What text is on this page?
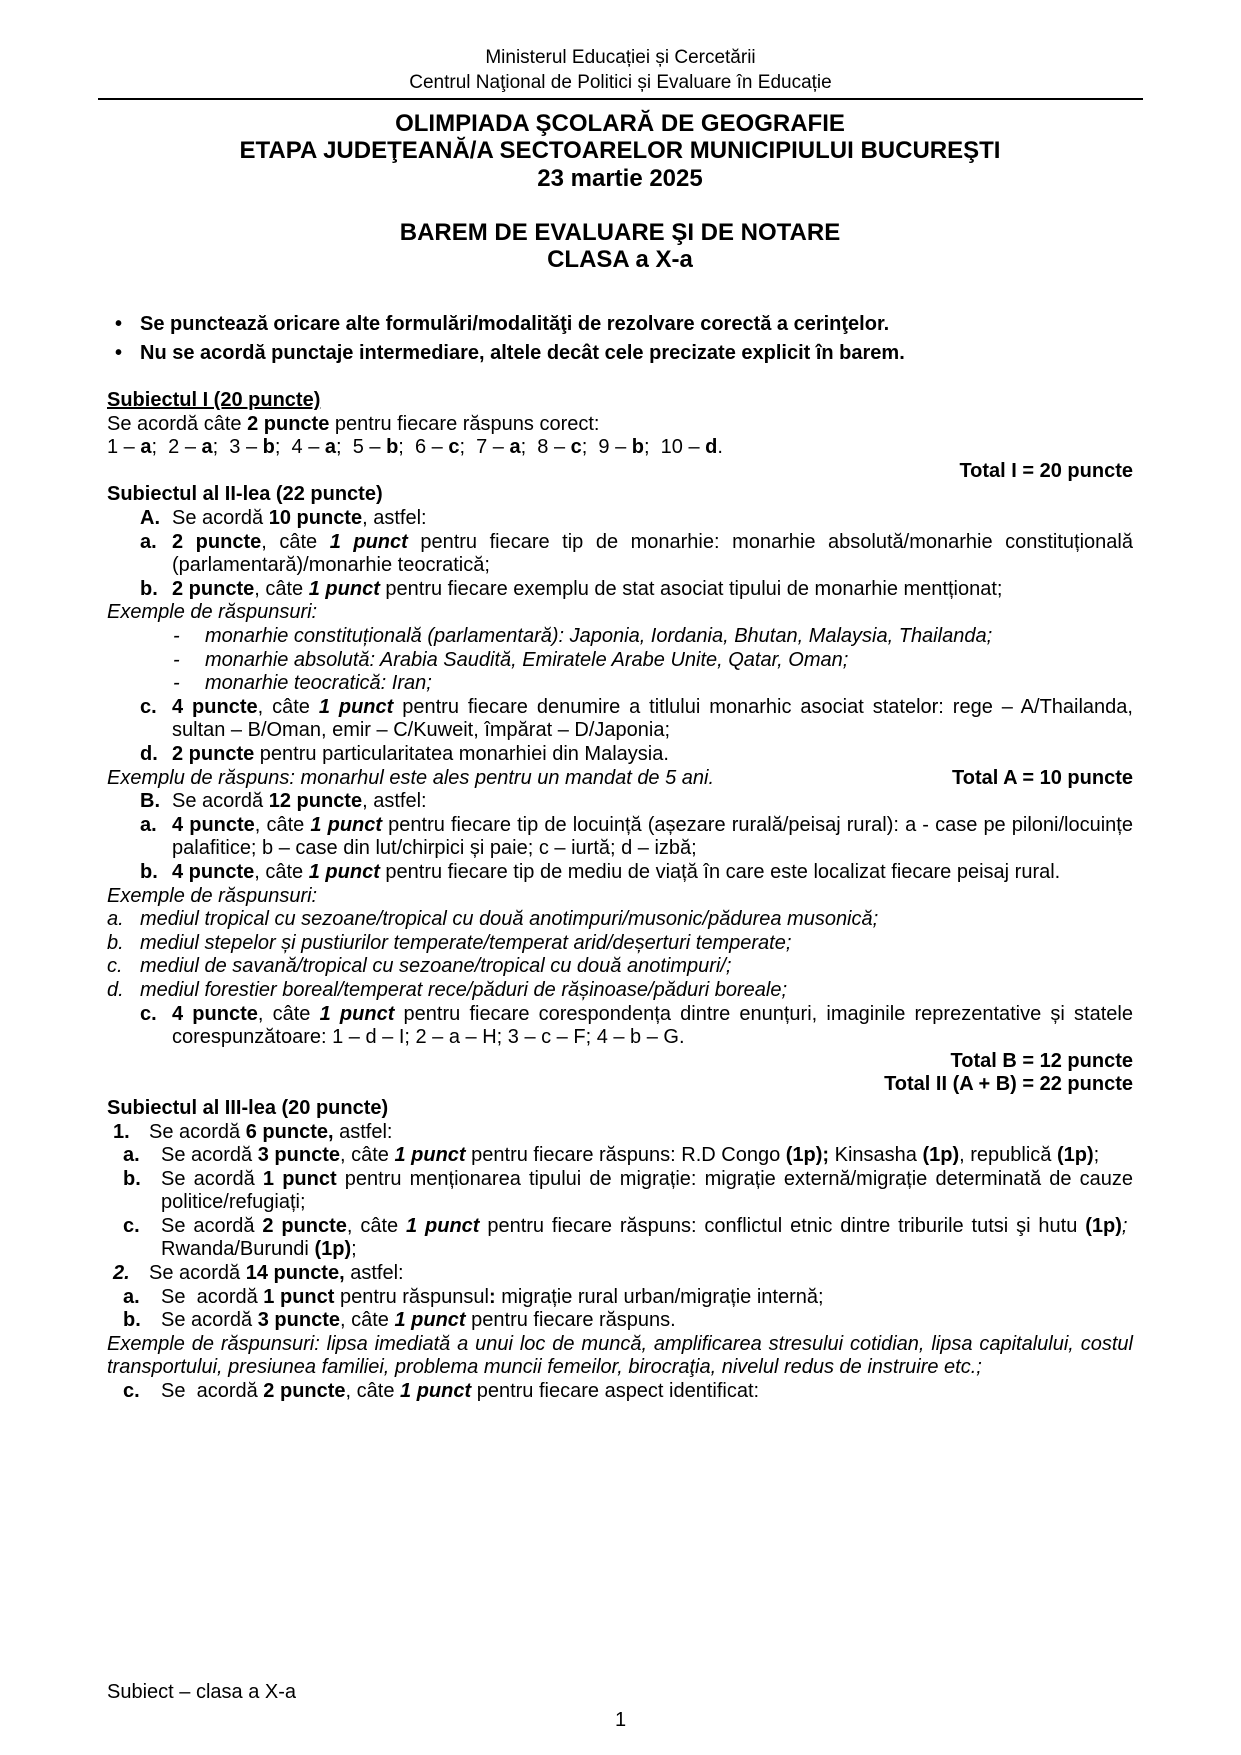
Ministerul Educației și Cercetării
Centrul Naţional de Politici și Evaluare în Educație
OLIMPIADA ŞCOLARĂ DE GEOGRAFIE
ETAPA JUDEŢEANĂ/A SECTOARELOR MUNICIPIULUI BUCUREŞTI
23 martie 2025
BAREM DE EVALUARE ŞI DE NOTARE
CLASA a X-a
• Se punctează oricare alte formulări/modalităţi de rezolvare corectă a cerinţelor.
• Nu se acordă punctaje intermediare, altele decât cele precizate explicit în barem.
Subiectul I (20 puncte)
Se acordă câte 2 puncte pentru fiecare răspuns corect:
1 – a;  2 – a;  3 – b;  4 – a;  5 – b;  6 – c;  7 – a;  8 – c;  9 – b;  10 – d.
Total I = 20 puncte
Subiectul al II-lea (22 puncte)
A. Se acordă 10 puncte, astfel:
a. 2 puncte, câte 1 punct pentru fiecare tip de monarhie: monarhie absolută/monarhie constituțională (parlamentară)/monarhie teocratică;
b. 2 puncte, câte 1 punct pentru fiecare exemplu de stat asociat tipului de monarhie mentționat;
Exemple de răspunsuri:
- monarhie constituțională (parlamentară): Japonia, Iordania, Bhutan, Malaysia, Thailanda;
- monarhie absolută: Arabia Saudită, Emiratele Arabe Unite, Qatar, Oman;
- monarhie teocratică: Iran;
c. 4 puncte, câte 1 punct pentru fiecare denumire a titlului monarhic asociat statelor: rege – A/Thailanda, sultan – B/Oman, emir – C/Kuweit, împărat – D/Japonia;
d. 2 puncte pentru particularitatea monarhiei din Malaysia.
Total A = 10 puncte
Exemplu de răspuns: monarhul este ales pentru un mandat de 5 ani.
B. Se acordă 12 puncte, astfel:
a. 4 puncte, câte 1 punct pentru fiecare tip de locuință (așezare rurală/peisaj rural): a - case pe piloni/locuințe palafitice; b – case din lut/chirpici și paie; c – iurtă; d – izbă;
b. 4 puncte, câte 1 punct pentru fiecare tip de mediu de viață în care este localizat fiecare peisaj rural.
Exemple de răspunsuri:
a. mediul tropical cu sezoane/tropical cu două anotimpuri/musonic/pădurea musonică;
b. mediul stepelor și pustiurilor temperate/temperat arid/deșerturi temperate;
c. mediul de savană/tropical cu sezoane/tropical cu două anotimpuri/;
d. mediul forestier boreal/temperat rece/păduri de rășinoase/păduri boreale;
c. 4 puncte, câte 1 punct pentru fiecare corespondența dintre enunțuri, imaginile reprezentative și statele corespunzătoare: 1 – d – I; 2 – a – H; 3 – c – F; 4 – b – G.
Total B = 12 puncte
Total II (A + B) = 22 puncte
Subiectul al III-lea (20 puncte)
1. Se acordă 6 puncte, astfel:
a. Se acordă 3 puncte, câte 1 punct pentru fiecare răspuns: R.D Congo (1p); Kinsasha (1p), republică (1p);
b. Se acordă 1 punct pentru menționarea tipului de migrație: migrație externă/migrație determinată de cauze politice/refugiați;
c. Se acordă 2 puncte, câte 1 punct pentru fiecare răspuns: conflictul etnic dintre triburile tutsi şi hutu (1p);  Rwanda/Burundi (1p);
2. Se acordă 14 puncte, astfel:
a. Se  acordă 1 punct pentru răspunsul: migrație rural urban/migrație internă;
b. Se acordă 3 puncte, câte 1 punct pentru fiecare răspuns.
Exemple de răspunsuri: lipsa imediată a unui loc de muncă, amplificarea stresului cotidian, lipsa capitalului, costul transportului, presiunea familiei, problema muncii femeilor, birocraţia, nivelul redus de instruire etc.;
c. Se  acordă 2 puncte, câte 1 punct pentru fiecare aspect identificat:
Subiect – clasa a X-a
1
